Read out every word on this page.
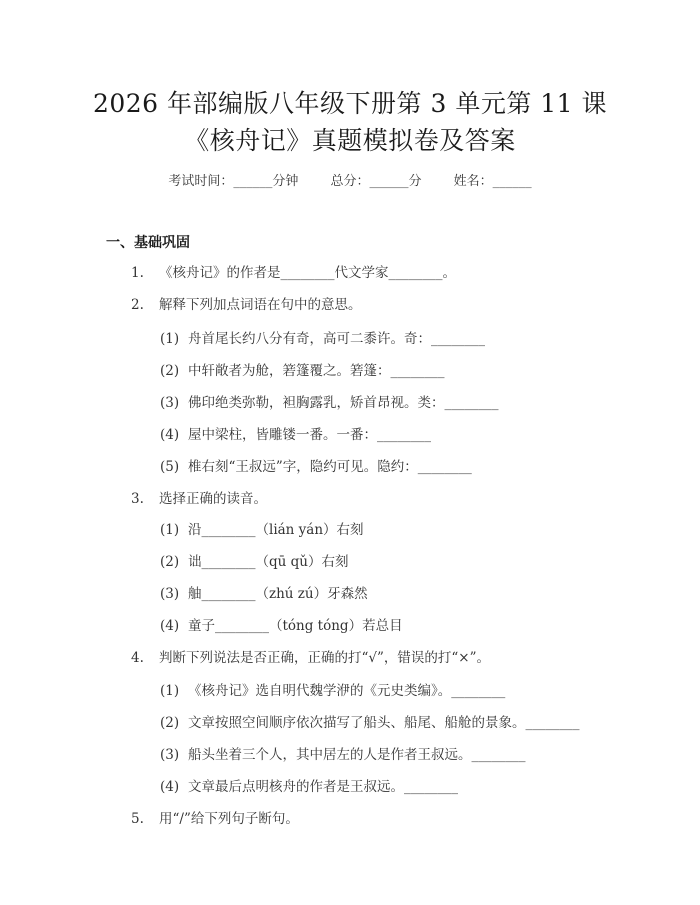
2026 年部编版八年级下册第 3 单元第 11 课
《核舟记》真题模拟卷及答案
考试时间：______分钟 总分：______分 姓名：______
一、基础巩固
1. 《核舟记》的作者是________代文学家________。
2. 解释下列加点词语在句中的意思。
(1) 舟首尾长约八分有奇，高可二黍许。奇：________
(2) 中轩敞者为舱，箬篷覆之。箬篷：________
(3) 佛印绝类弥勒，袒胸露乳，矫首昂视。类：________
(4) 屋中梁柱，皆雕镂一番。一番：________
(5) 椎右刻“王叔远”字，隐约可见。隐约：________
3. 选择正确的读音。
(1) 沿________（lián yán）右刻
(2) 诎________（qū qǔ）右刻
(3) 舳________（zhú zú）牙森然
(4) 童子________（tóng tóng）若总目
4. 判断下列说法是否正确，正确的打“√”，错误的打“×”。
(1) 《核舟记》选自明代魏学洢的《元史类编》。________
(2) 文章按照空间顺序依次描写了船头、船尾、船舱的景象。________
(3) 船头坐着三个人，其中居左的人是作者王叔远。________
(4) 文章最后点明核舟的作者是王叔远。________
5. 用“/”给下列句子断句。
